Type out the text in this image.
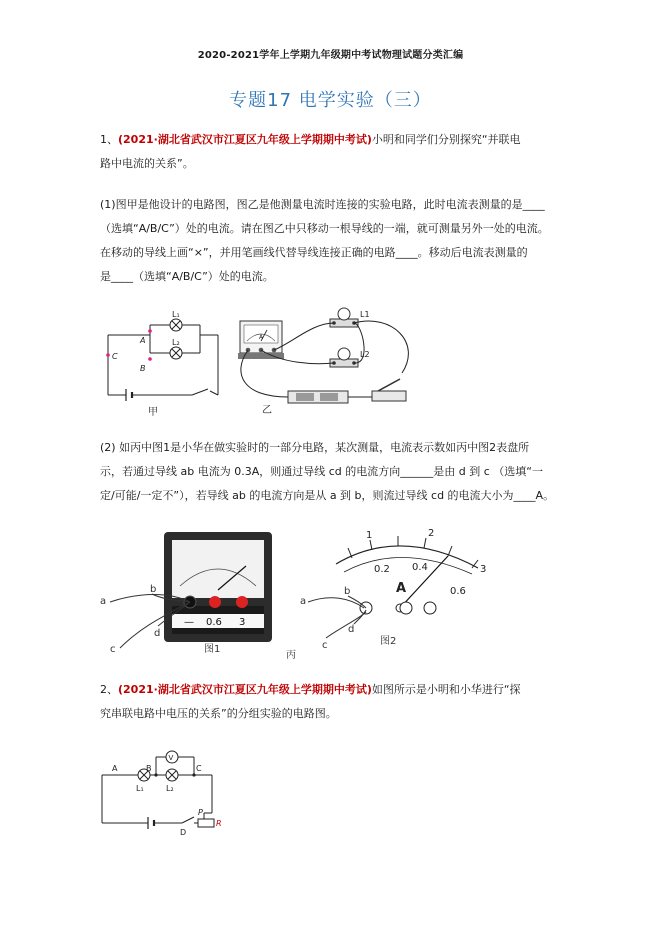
2020-2021学年上学期九年级期中考试物理试题分类汇编
专题17 电学实验（三）
1、(2021·湖北省武汉市江夏区九年级上学期期中考试)小明和同学们分别探究“并联电
路中电流的关系”。
(1)图甲是他设计的电路图，图乙是他测量电流时连接的实验电路，此时电流表测量的是____
（选填“A/B/C”）处的电流。请在图乙中只移动一根导线的一端，就可测量另外一处的电流。
在移动的导线上画“×”，并用笔画线代替导线连接正确的电路____。移动后电流表测量的
是____（选填“A/B/C”）处的电流。
L₁
L₂
A
B
C
甲
A
L1
L2
乙
(2) 如丙中图1是小华在做实验时的一部分电路，某次测量，电流表示数如丙中图2表盘所
示，若通过导线 ab 电流为 0.3A，则通过导线 cd 的电流方向______是由 d 到 c （选填“一
定/可能/一定不”），若导线 ab 的电流方向是从 a 到 b，则流过导线 cd 的电流大小为____A。
— 0.6 3
a
b
c
d
图1
1	2
3
0.2 0.4
0.6
A
a
b
c
d
图2
丙
2、(2021·湖北省武汉市江夏区九年级上学期期中考试)如图所示是小明和小华进行“探
究串联电路中电压的关系”的分组实验的电路图。
V
A	B	C
D
P
R
L₁	L₂
